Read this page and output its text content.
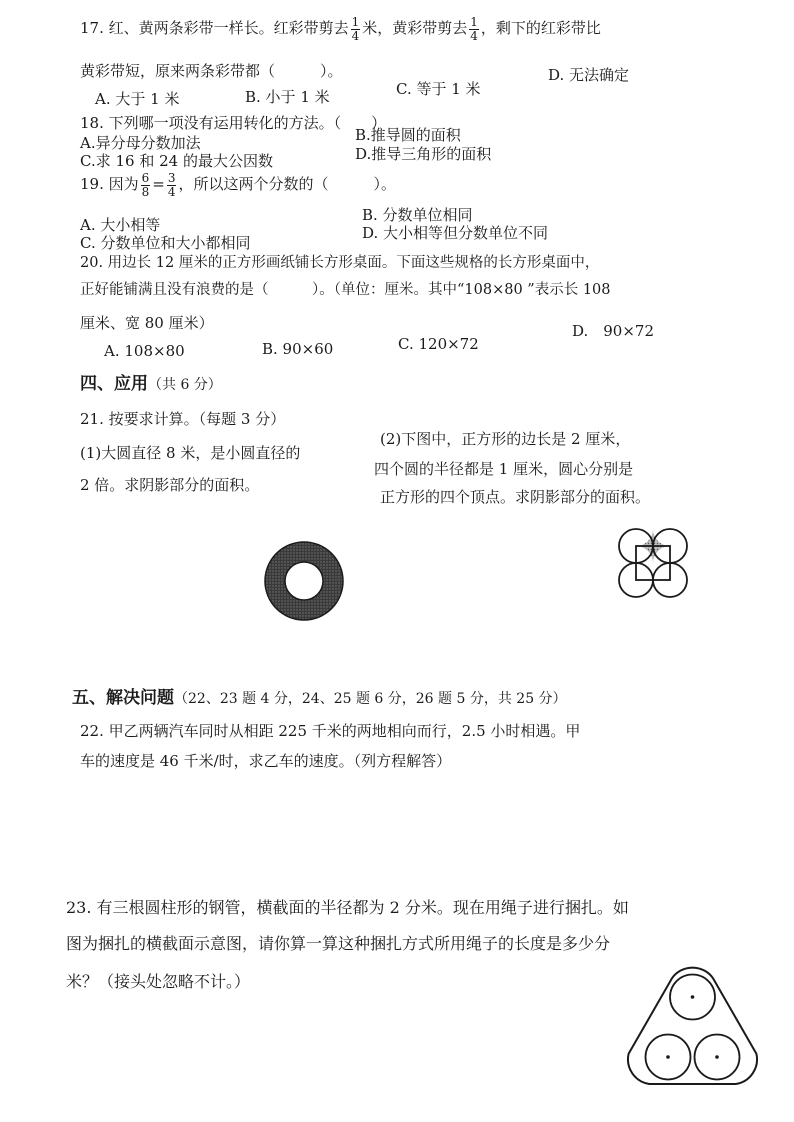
17. 红、黄两条彩带一样长。红彩带剪去 $\frac{1}{4}$ 米，黄彩带剪去 $\frac{1}{4}$ ，剩下的红彩带比
黄彩带短，原来两条彩带都（　　　）。
A. 大于 1 米	B. 小于 1 米	C. 等于 1 米
D. 无法确定
18. 下列哪一项没有运用转化的方法。（　　）
A.异分母分数加法	B.推导圆的面积
C.求 16 和 24 的最大公因数	D.推导三角形的面积
19. 因为 $\frac{6}{8} = \frac{3}{4}$ ，所以这两个分数的（　　　）。
A. 大小相等
B. 分数单位相同
C. 分数单位和大小都相同
D. 大小相等但分数单位不同
20. 用边长 12 厘米的正方形画纸铺长方形桌面。下面这些规格的长方形桌面中，
正好能铺满且没有浪费的是（　　　）。（单位：厘米。其中“108×80 ”表示长 108
厘米、宽 80 厘米）
A. 108×80	B. 90×60	C. 120×72
D.　90×72
四、应用（共 6 分）
21. 按要求计算。（每题 3 分）
(1)大圆直径 8 米，是小圆直径的
2 倍。求阴影部分的面积。
(2)下图中，正方形的边长是 2 厘米，
四个圆的半径都是 1 厘米，圆心分别是
正方形的四个顶点。求阴影部分的面积。
五、解决问题（22、23 题 4 分，24、25 题 6 分，26 题 5 分，共 25 分）
22. 甲乙两辆汽车同时从相距 225 千米的两地相向而行，2.5 小时相遇。甲
车的速度是 46 千米/时，求乙车的速度。（列方程解答）
23. 有三根圆柱形的钢管，横截面的半径都为 2 分米。现在用绳子进行捆扎。如
图为捆扎的横截面示意图，请你算一算这种捆扎方式所用绳子的长度是多少分
米？（接头处忽略不计。）
